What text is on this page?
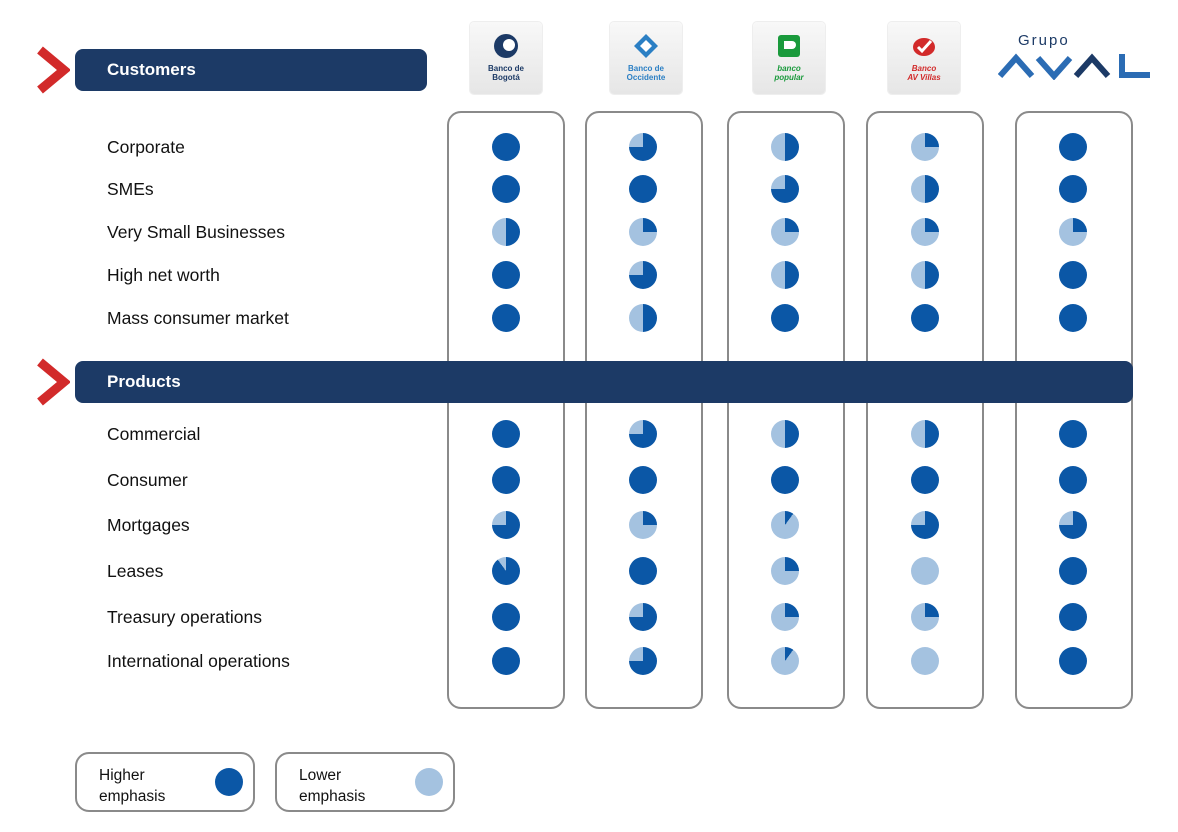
Banco de
Bogotá
Banco de
Occidente
banco
popular
Banco
AV Villas
Grupo
Customers
Products
Corporate
SMEs
Very Small Businesses
High net worth
Mass consumer market
Commercial
Consumer
Mortgages
Leases
Treasury operations
International operations
Higher emphasis
Lower emphasis
